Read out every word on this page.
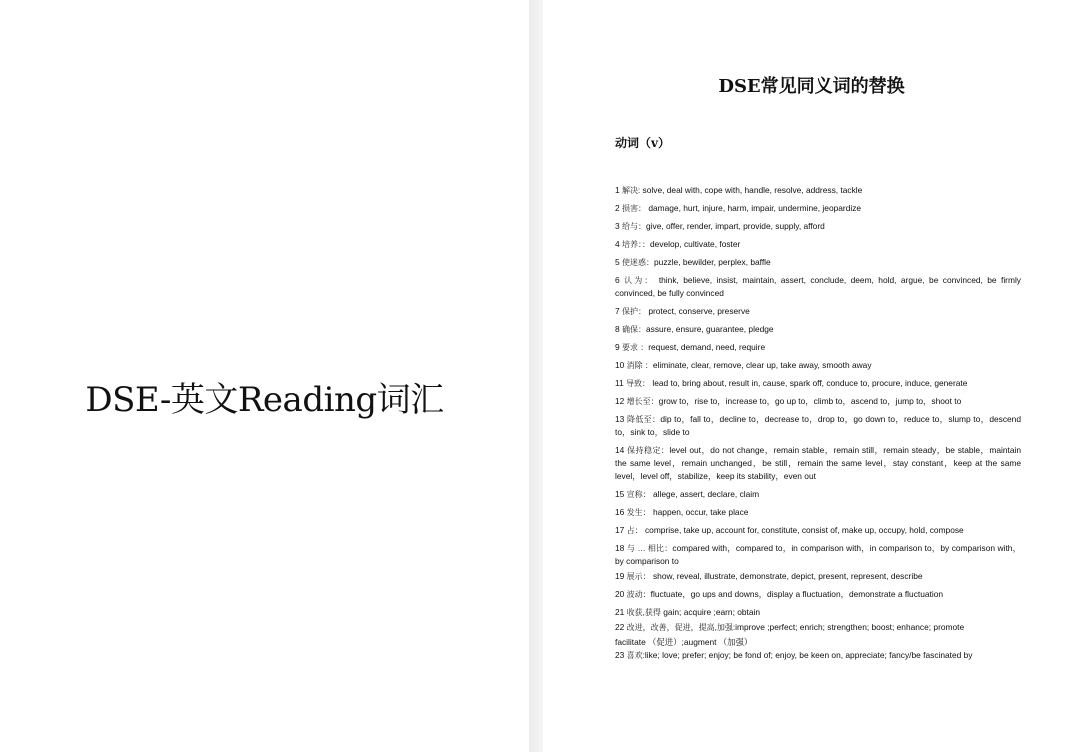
DSE-英文Reading词汇
DSE常见同义词的替换
动词（v）

1 解决: solve, deal with, cope with, handle, resolve, address, tackle

2 损害： damage, hurt, injure, harm, impair, undermine, jeopardize

3 给与：give, offer, render, impart, provide, supply, afford

4 培养：：develop, cultivate, foster

5 使迷惑：puzzle, bewilder, perplex, baffle

6 认为： think, believe, insist, maintain, assert, conclude, deem, hold, argue, be convinced, be firmly convinced, be fully convinced

7 保护： protect, conserve, preserve

8 确保：assure, ensure, guarantee, pledge

9 要求 ：request, demand, need, require

10 消除 ：eliminate, clear, remove, clear up, take away, smooth away

11 导致： lead to, bring about, result in, cause, spark off, conduce to, procure, induce, generate

12 增长至：grow to，rise to，increase to，go up to，climb to，ascend to，jump to，shoot to

13 降低至：dip to，fall to，decline to，decrease to，drop to，go down to，reduce to，slump to，descend to，sink to，slide to

14 保持稳定：level out，do not change，remain stable，remain still，remain steady，be stable，maintain the same level，remain unchanged，be still，remain the same level，stay constant，keep at the same level，level off，stabilize，keep its stability，even out

15 宣称： allege, assert, declare, claim

16 发生： happen, occur, take place

17 占： comprise, take up, account for, constitute, consist of, make up, occupy, hold, compose

18 与 … 相比：compared with，compared to，in comparison with，in comparison to，by comparison with，by comparison to

19 展示： show, reveal, illustrate, demonstrate, depict, present, represent, describe

20 波动：fluctuate，go ups and downs，display a fluctuation，demonstrate a fluctuation

21 收获,获得 gain; acquire ;earn; obtain

22 改进，改善，促进，提高,加强:improve ;perfect; enrich; strengthen; boost; enhance; promote

facilitate （促进）;augment （加强）

23 喜欢:like; love; prefer; enjoy; be fond of; enjoy, be keen on, appreciate; fancy/be fascinated by
